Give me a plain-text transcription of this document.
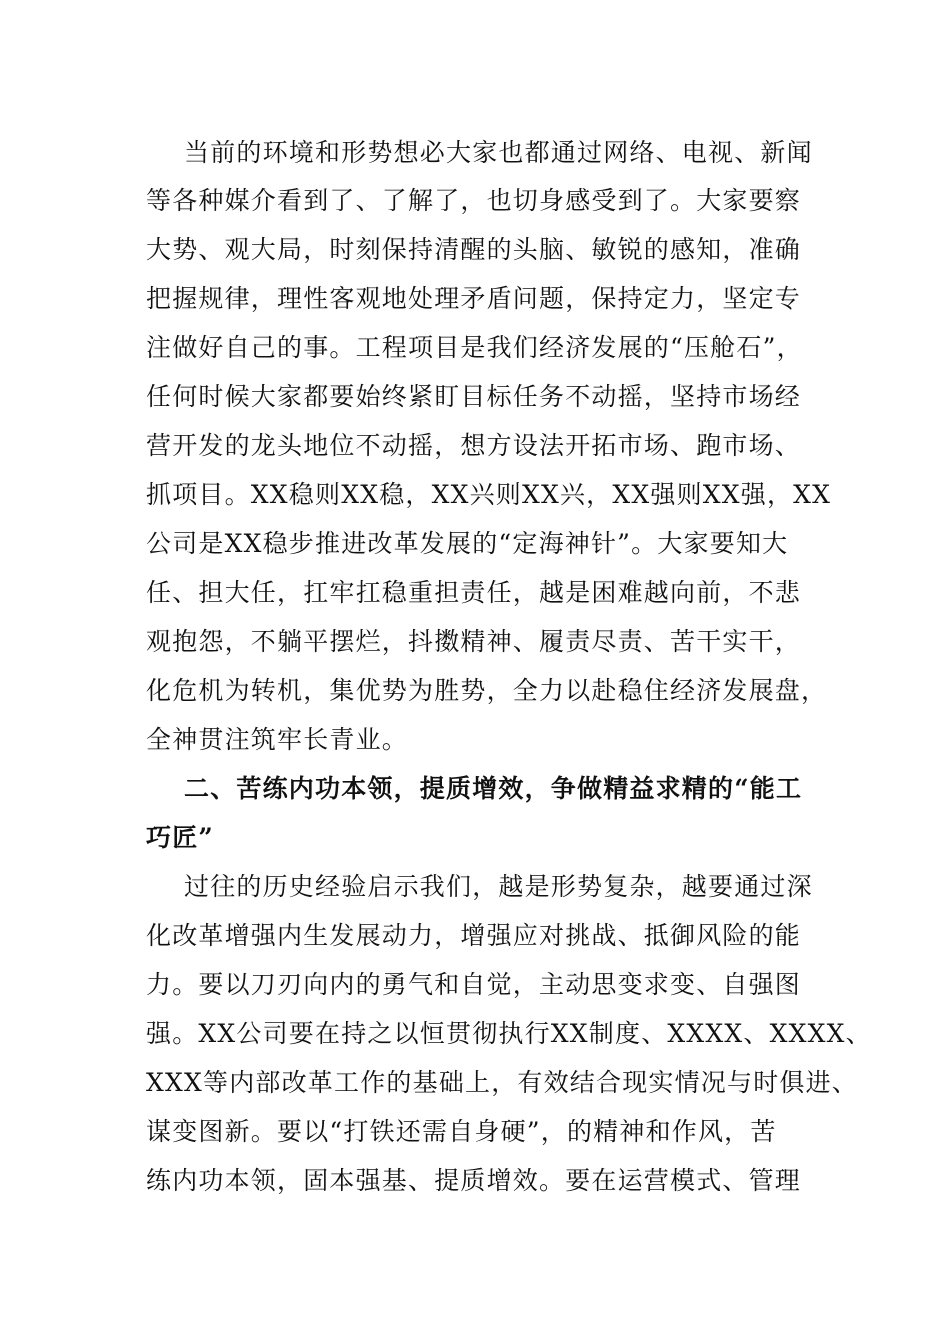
当前的环境和形势想必大家也都通过网络、电视、新闻
等各种媒介看到了、了解了，也切身感受到了。大家要察
大势、观大局，时刻保持清醒的头脑、敏锐的感知，准确
把握规律，理性客观地处理矛盾问题，保持定力，坚定专
注做好自己的事。工程项目是我们经济发展的“压舱石”，
任何时候大家都要始终紧盯目标任务不动摇，坚持市场经
营开发的龙头地位不动摇，想方设法开拓市场、跑市场、
抓项目。XX稳则XX稳，XX兴则XX兴，XX强则XX强，XX
公司是XX稳步推进改革发展的“定海神针”。大家要知大
任、担大任，扛牢扛稳重担责任，越是困难越向前，不悲
观抱怨，不躺平摆烂，抖擞精神、履责尽责、苦干实干，
化危机为转机，集优势为胜势，全力以赴稳住经济发展盘，
全神贯注筑牢长青业。
二、苦练内功本领，提质增效，争做精益求精的“能工
巧匠”
过往的历史经验启示我们，越是形势复杂，越要通过深
化改革增强内生发展动力，增强应对挑战、抵御风险的能
力。要以刀刃向内的勇气和自觉，主动思变求变、自强图
强。XX公司要在持之以恒贯彻执行XX制度、XXXX、XXXX、
XXX等内部改革工作的基础上，有效结合现实情况与时俱进、
谋变图新。要以“打铁还需自身硬”，的精神和作风，苦
练内功本领，固本强基、提质增效。要在运营模式、管理
